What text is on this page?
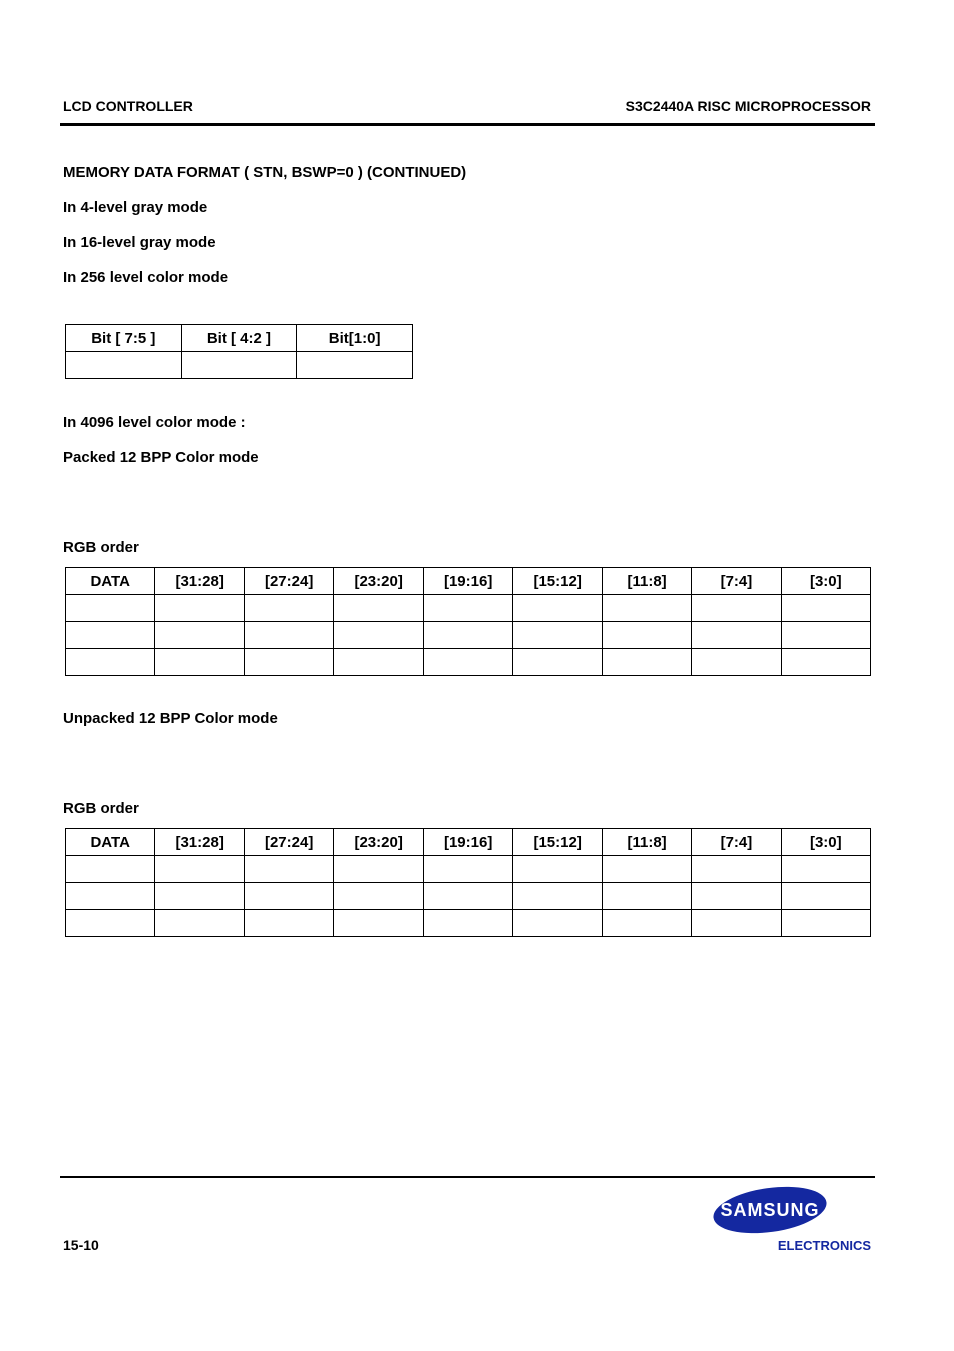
LCD CONTROLLER	S3C2440A RISC MICROPROCESSOR
MEMORY DATA FORMAT ( STN, BSWP=0 ) (CONTINUED)
In 4-level gray mode
In 16-level gray mode
In 256 level color mode
Bit [ 7:5 ]	Bit [ 4:2 ]	Bit[1:0]

In 4096 level color mode :
Packed 12 BPP Color mode
RGB order
DATA	[31:28]	[27:24]	[23:20]	[19:16]	[15:12]	[11:8]	[7:4]	[3:0]

Unpacked 12 BPP Color mode
RGB order
DATA	[31:28]	[27:24]	[23:20]	[19:16]	[15:12]	[11:8]	[7:4]	[3:0]

15-10
SAMSUNG
ELECTRONICS
